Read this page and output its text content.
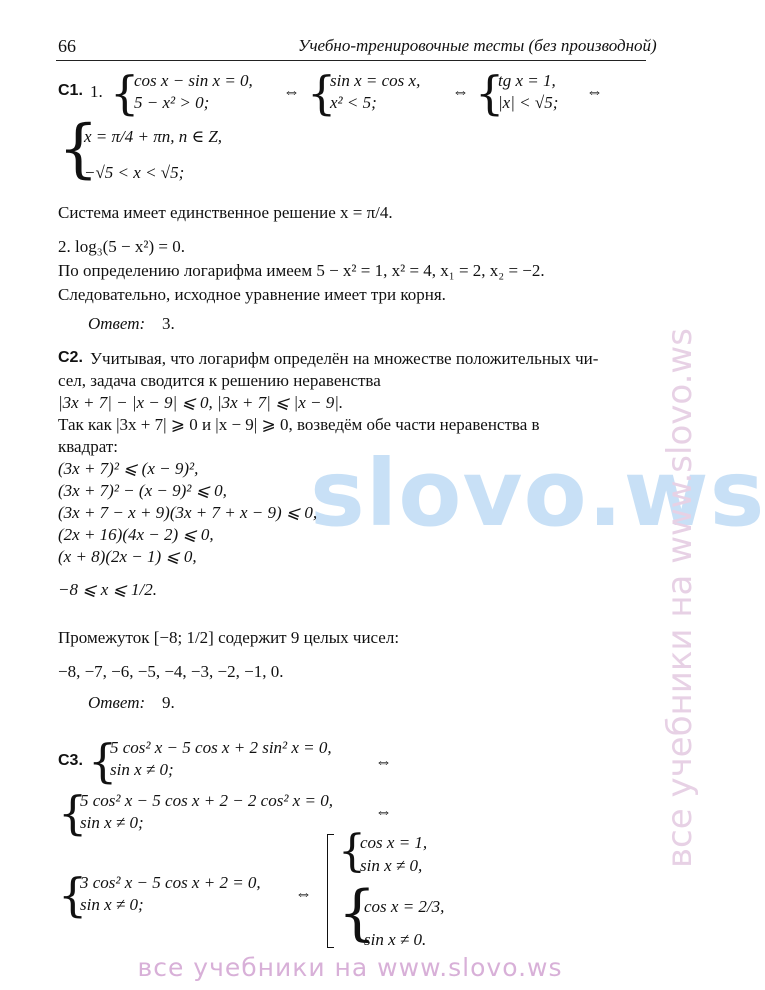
slovo.ws
все учебники на www.slovo.ws
все учебники на www.slovo.ws
66	Учебно-тренировочные тесты (без производной)
С1. 1. {
cos x − sin x = 0,
5 − x² > 0;
⇔ {
sin x = cos x,
x² < 5;
⇔ {
tg x = 1,
|x| < √5;
⇔
{
x = π/4 + πn, n ∈ Z,
−√5 < x < √5;
Система имеет единственное решение x = π/4.
2. log₃(5 − x²) = 0.
По определению логарифма имеем 5 − x² = 1, x² = 4, x₁ = 2, x₂ = −2.
Следовательно, исходное уравнение имеет три корня.
Ответ: 3.
С2. Учитывая, что логарифм определён на множестве положительных чи-
сел, задача сводится к решению неравенства
|3x + 7| − |x − 9| ⩽ 0, |3x + 7| ⩽ |x − 9|.
Так как |3x + 7| ⩾ 0 и |x − 9| ⩾ 0, возведём обе части неравенства в
квадрат:
(3x + 7)² ⩽ (x − 9)²,
(3x + 7)² − (x − 9)² ⩽ 0,
(3x + 7 − x + 9)(3x + 7 + x − 9) ⩽ 0,
(2x + 16)(4x − 2) ⩽ 0,
(x + 8)(2x − 1) ⩽ 0,
−8 ⩽ x ⩽ 1/2.
Промежуток [−8; 1/2] содержит 9 целых чисел:
−8, −7, −6, −5, −4, −3, −2, −1, 0.
Ответ: 9.
С3. {
5 cos² x − 5 cos x + 2 sin² x = 0,
sin x ≠ 0;	⇔
{
5 cos² x − 5 cos x + 2 − 2 cos² x = 0,
sin x ≠ 0;
⇔
{
3 cos² x − 5 cos x + 2 = 0,
sin x ≠ 0;
⇔
{
cos x = 1,
sin x ≠ 0,
{
cos x = 2/3,
sin x ≠ 0.
